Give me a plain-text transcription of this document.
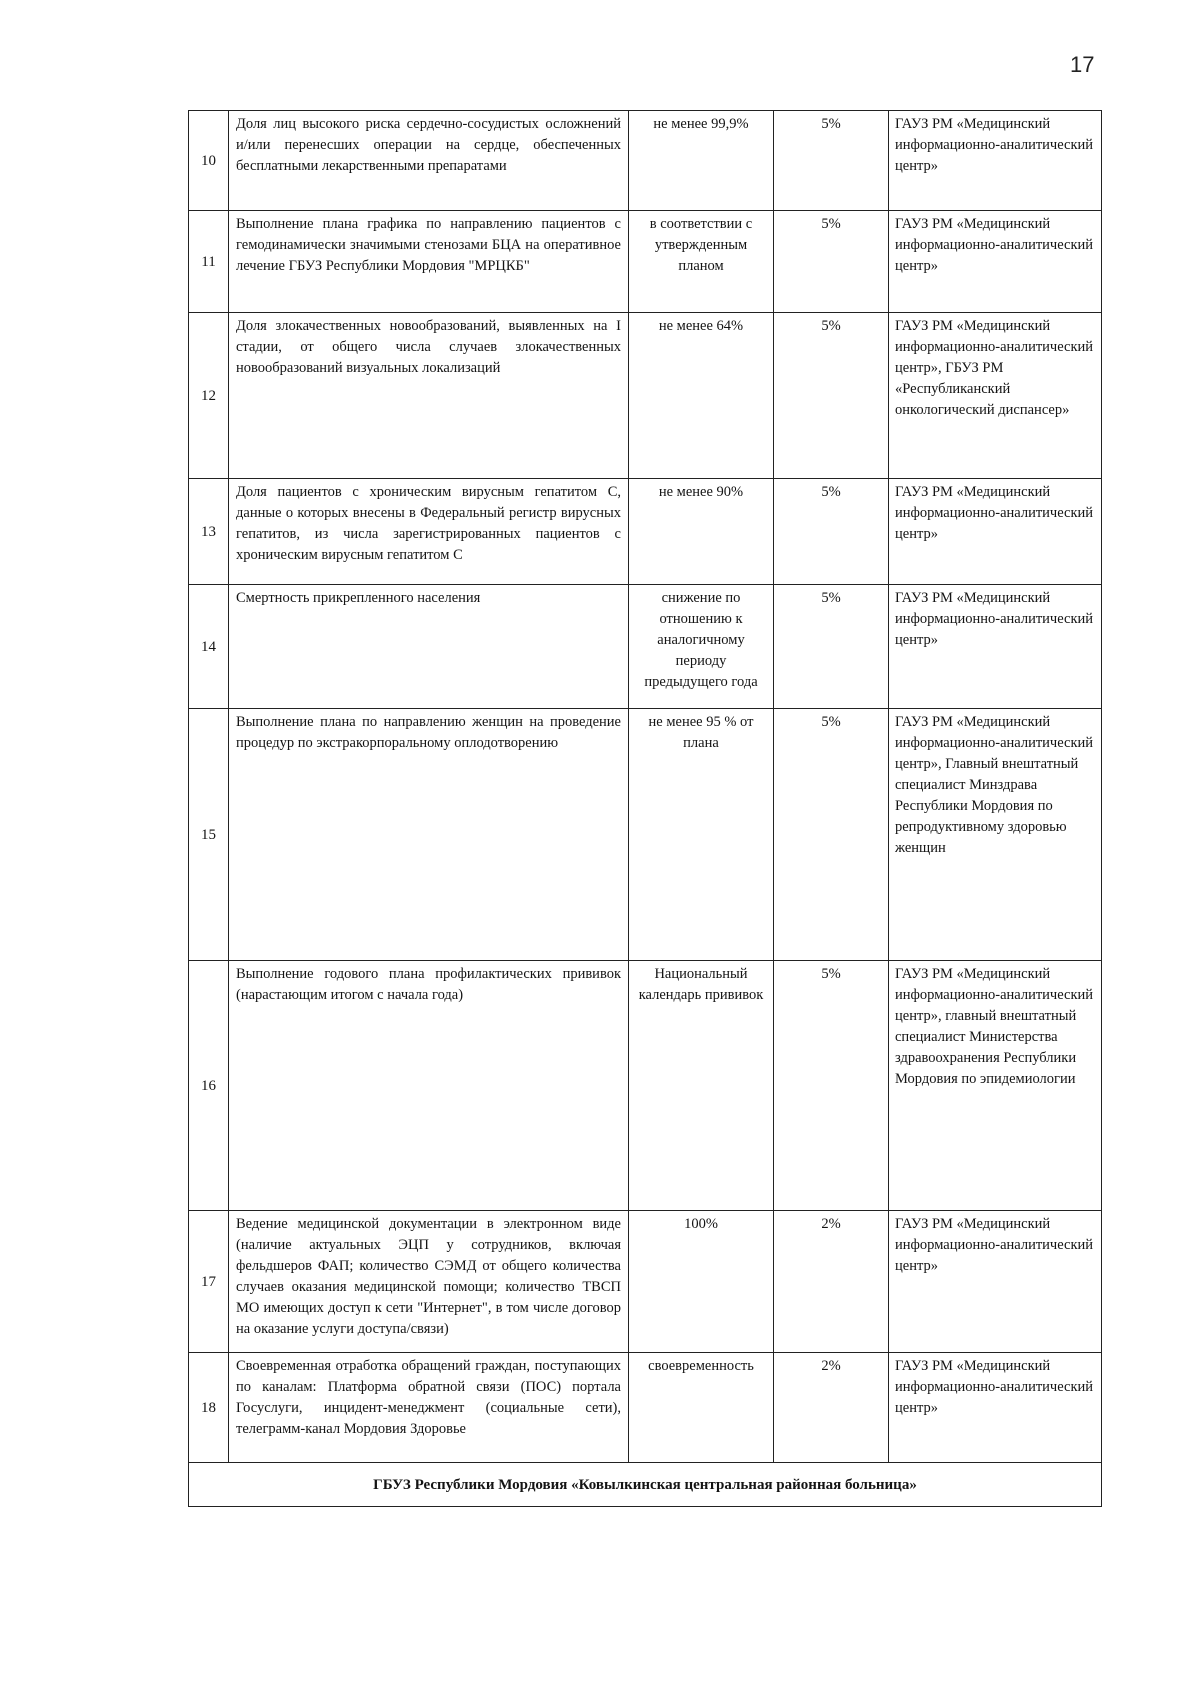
17
10	Доля лиц высокого риска сердечно-сосудистых осложнений и/или перенесших операции на сердце, обеспеченных бесплатными лекарственными препаратами	не менее 99,9%	5%	ГАУЗ РМ «Медицинский информационно-аналитический центр»
11	Выполнение плана графика по направлению пациентов с гемодинамически значимыми стенозами БЦА на оперативное лечение ГБУЗ Республики Мордовия "МРЦКБ"	в соответствии с утвержденным планом	5%	ГАУЗ РМ «Медицинский информационно-аналитический центр»
12	Доля злокачественных новообразований, выявленных на I стадии, от общего числа случаев злокачественных новообразований визуальных локализаций	не менее 64%	5%	ГАУЗ РМ «Медицинский информационно-аналитический центр», ГБУЗ РМ «Республиканский онкологический диспансер»
13	Доля пациентов с хроническим вирусным гепатитом С, данные о которых внесены в Федеральный регистр вирусных гепатитов, из числа зарегистрированных пациентов с хроническим вирусным гепатитом С	не менее 90%	5%	ГАУЗ РМ «Медицинский информационно-аналитический центр»
14	Смертность прикрепленного населения	снижение по отношению к аналогичному периоду предыдущего года	5%	ГАУЗ РМ «Медицинский информационно-аналитический центр»
15	Выполнение плана по направлению женщин на проведение процедур по экстракорпоральному оплодотворению	не менее 95 % от плана	5%	ГАУЗ РМ «Медицинский информационно-аналитический центр», Главный внештатный специалист Минздрава Республики Мордовия по репродуктивному здоровью женщин
16	Выполнение годового плана профилактических прививок (нарастающим итогом с начала года)	Национальный календарь прививок	5%	ГАУЗ РМ «Медицинский информационно-аналитический центр», главный внештатный специалист Министерства здравоохранения Республики Мордовия по эпидемиологии
17	Ведение медицинской документации в электронном виде (наличие актуальных ЭЦП у сотрудников, включая фельдшеров ФАП; количество СЭМД от общего количества случаев оказания медицинской помощи; количество ТВСП МО имеющих доступ к сети "Интернет", в том числе договор на оказание услуги доступа/связи)	100%	2%	ГАУЗ РМ «Медицинский информационно-аналитический центр»
18	Своевременная отработка обращений граждан, поступающих по каналам: Платформа обратной связи (ПОС) портала Госуслуги, инцидент-менеджмент (социальные сети), телеграмм-канал Мордовия Здоровье	своевременность	2%	ГАУЗ РМ «Медицинский информационно-аналитический центр»
ГБУЗ Республики Мордовия «Ковылкинская центральная районная больница»				
